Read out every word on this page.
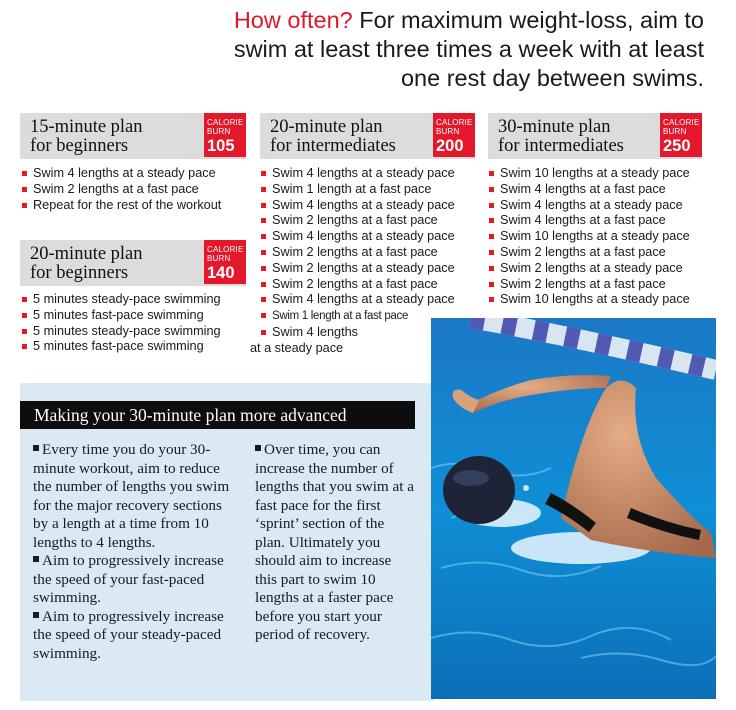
How often? For maximum weight-loss, aim to swim at least three times a week with at least one rest day between swims.
15-minute plan
for beginners
CALORIE
BURN
105
Swim 4 lengths at a steady pace
Swim 2 lengths at a fast pace
Repeat for the rest of the workout
20-minute plan
for beginners
CALORIE
BURN
140
5 minutes steady-pace swimming
5 minutes fast-pace swimming
5 minutes steady-pace swimming
5 minutes fast-pace swimming
20-minute plan
for intermediates
CALORIE
BURN
200
Swim 4 lengths at a steady pace
Swim 1 length at a fast pace
Swim 4 lengths at a steady pace
Swim 2 lengths at a fast pace
Swim 4 lengths at a steady pace
Swim 2 lengths at a fast pace
Swim 2 lengths at a steady pace
Swim 2 lengths at a fast pace
Swim 4 lengths at a steady pace
Swim 1 length at a fast pace
Swim 4 lengths
at a steady pace
30-minute plan
for intermediates
CALORIE
BURN
250
Swim 10 lengths at a steady pace
Swim 4 lengths at a fast pace
Swim 4 lengths at a steady pace
Swim 4 lengths at a fast pace
Swim 10 lengths at a steady pace
Swim 2 lengths at a fast pace
Swim 2 lengths at a steady pace
Swim 2 lengths at a fast pace
Swim 10 lengths at a steady pace
Making your 30-minute plan more advanced

Every time you do your 30-minute workout, aim to reduce the number of lengths you swim for the major recovery sections by a length at a time from 10 lengths to 4 lengths.

Aim to progressively increase the speed of your fast-paced swimming.

Aim to progressively increase the speed of your steady-paced swimming.

Over time, you can increase the number of lengths that you swim at a fast pace for the first ‘sprint’ section of the plan. Ultimately you should aim to increase this part to swim 10 lengths at a faster pace before you start your period of recovery.
